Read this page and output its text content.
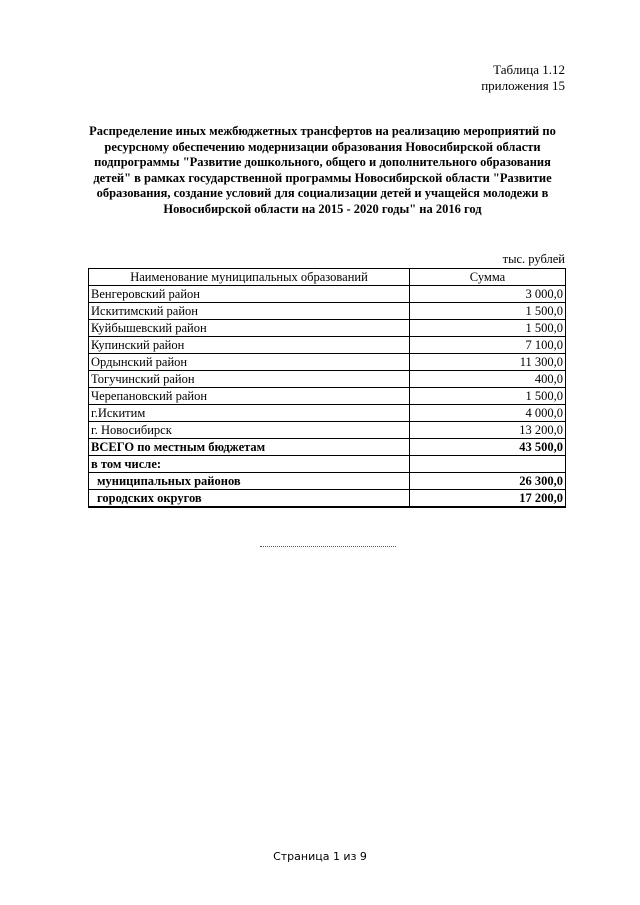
Таблица 1.12
приложения 15
Распределение иных межбюджетных трансфертов на реализацию мероприятий по ресурсному обеспечению модернизации образования Новосибирской области подпрограммы "Развитие дошкольного, общего и дополнительного образования детей" в рамках государственной программы Новосибирской области "Развитие образования, создание условий для социализации детей и учащейся молодежи в Новосибирской области на 2015 - 2020 годы" на 2016 год
тыс. рублей
Наименование муниципальных образований	Сумма
Венгеровский район	3 000,0
Искитимский район	1 500,0
Куйбышевский район	1 500,0
Купинский район	7 100,0
Ордынский район	11 300,0
Тогучинский район	400,0
Черепановский район	1 500,0
г.Искитим	4 000,0
г. Новосибирск	13 200,0
ВСЕГО по местным бюджетам	43 500,0
в том числе:	
муниципальных районов	26 300,0
городских округов	17 200,0
Страница 1 из 9
